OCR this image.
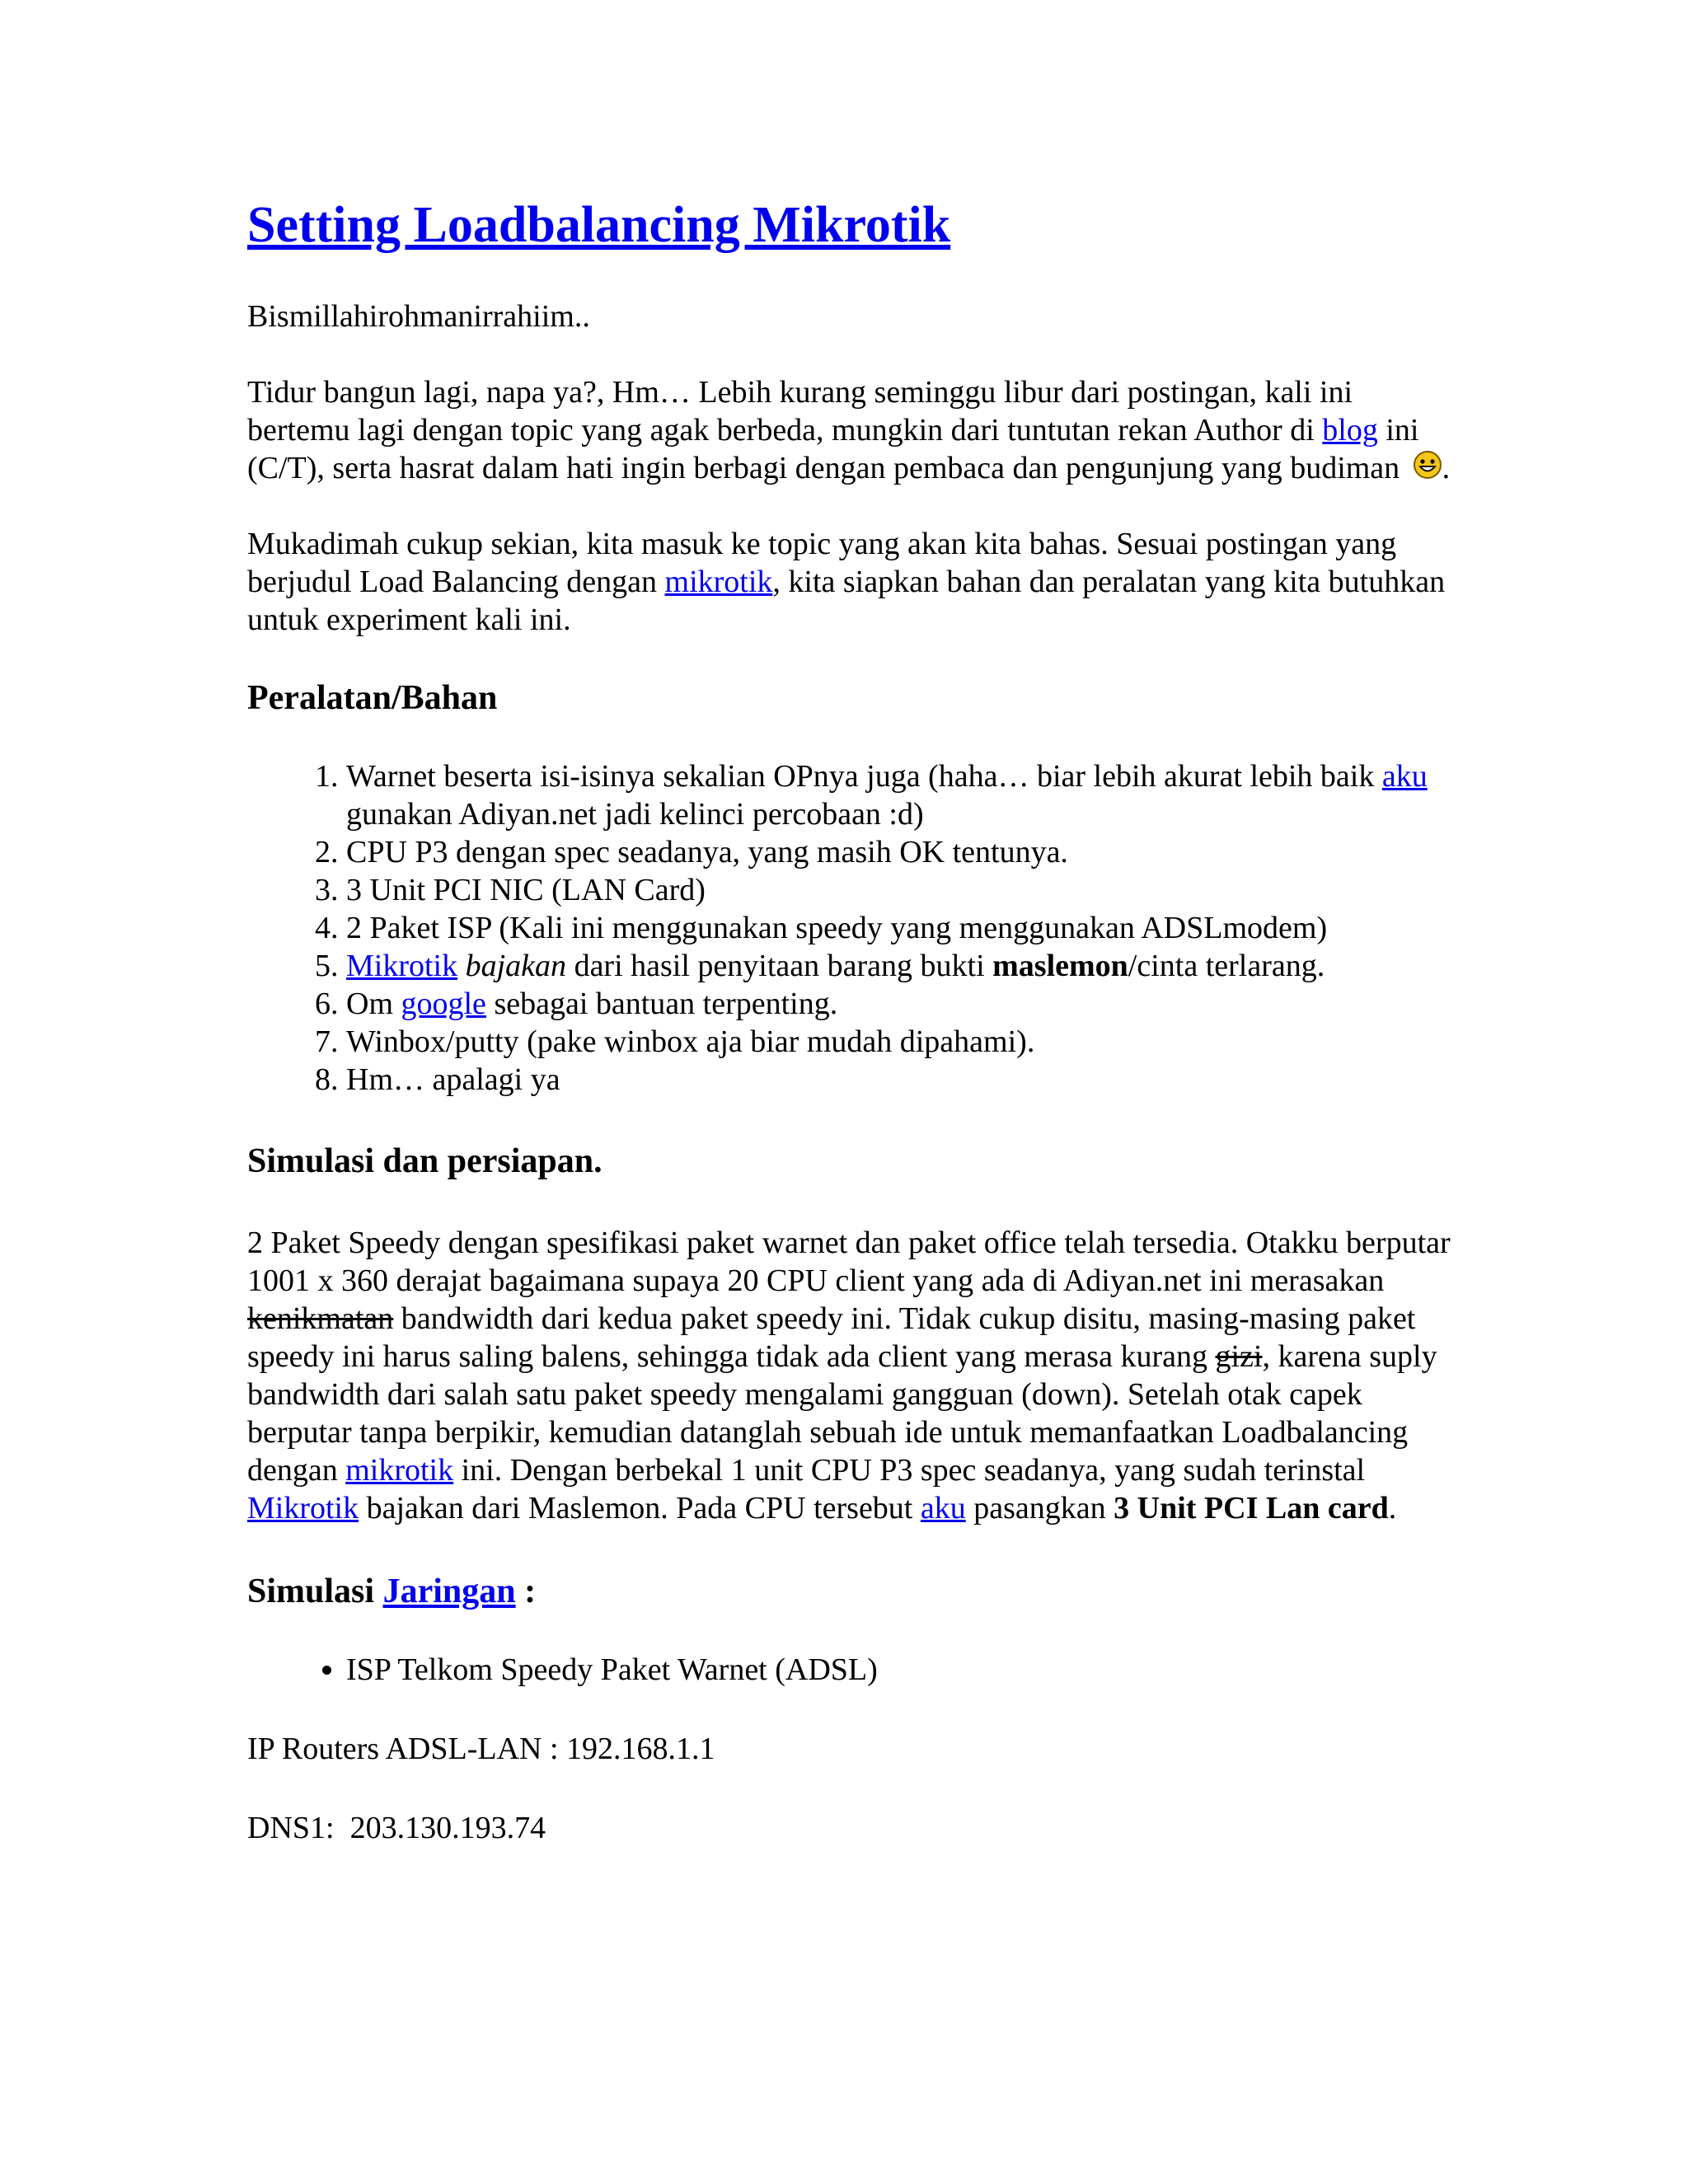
Setting Loadbalancing Mikrotik

Bismillahirohmanirrahiim..

Tidur bangun lagi, napa ya?, Hm… Lebih kurang seminggu libur dari postingan, kali ini bertemu lagi dengan topic yang agak berbeda, mungkin dari tuntutan rekan Author di blog ini (C/T), serta hasrat dalam hati ingin berbagi dengan pembaca dan pengunjung yang budiman .

Mukadimah cukup sekian, kita masuk ke topic yang akan kita bahas. Sesuai postingan yang berjudul Load Balancing dengan mikrotik, kita siapkan bahan dan peralatan yang kita butuhkan untuk experiment kali ini.

Peralatan/Bahan
1. Warnet beserta isi-isinya sekalian OPnya juga (haha… biar lebih akurat lebih baik aku gunakan Adiyan.net jadi kelinci percobaan :d)
2. CPU P3 dengan spec seadanya, yang masih OK tentunya.
3. 3 Unit PCI NIC (LAN Card)
4. 2 Paket ISP (Kali ini menggunakan speedy yang menggunakan ADSLmodem)
5. Mikrotik bajakan dari hasil penyitaan barang bukti maslemon/cinta terlarang.
6. Om google sebagai bantuan terpenting.
7. Winbox/putty (pake winbox aja biar mudah dipahami).
8. Hm… apalagi ya
Simulasi dan persiapan.

2 Paket Speedy dengan spesifikasi paket warnet dan paket office telah tersedia. Otakku berputar 1001 x 360 derajat bagaimana supaya 20 CPU client yang ada di Adiyan.net ini merasakan kenikmatan bandwidth dari kedua paket speedy ini. Tidak cukup disitu, masing-masing paket speedy ini harus saling balens, sehingga tidak ada client yang merasa kurang gizi, karena suply bandwidth dari salah satu paket speedy mengalami gangguan (down). Setelah otak capek berputar tanpa berpikir, kemudian datanglah sebuah ide untuk memanfaatkan Loadbalancing dengan mikrotik ini. Dengan berbekal 1 unit CPU P3 spec seadanya, yang sudah terinstal Mikrotik bajakan dari Maslemon. Pada CPU tersebut aku pasangkan 3 Unit PCI Lan card.

Simulasi Jaringan :
• ISP Telkom Speedy Paket Warnet (ADSL)

IP Routers ADSL-LAN : 192.168.1.1

DNS1:  203.130.193.74
